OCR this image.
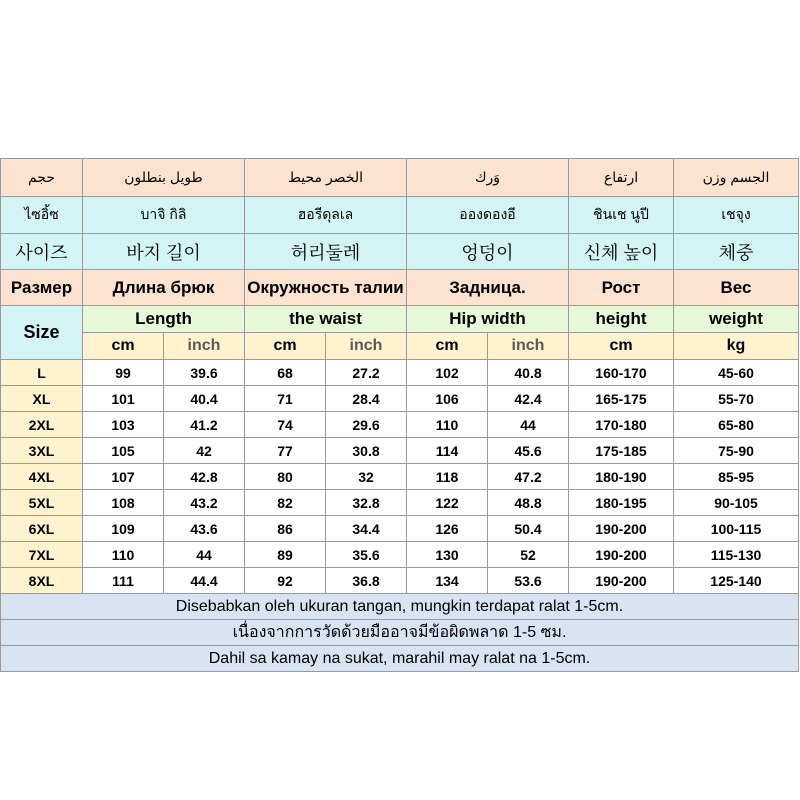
حجم	طويل بنطلون		الخصر محيط		وَرك		ارتفاع	الجسم وزن
ไซอิ้ซ	บาจิ กิลิ		ฮอรีดุลเล		อองดองอี		ชินเช นูปี	เชจุง
사이즈	바지 길이		허리둘레		엉덩이		신체 높이	체중
Размер	Длина брюк		Окружность талии		Задница.		Рост	Вес
Size	Length		the waist		Hip width		height	weight
	cm	inch	cm	inch	cm	inch	cm	kg
L	99	39.6	68	27.2	102	40.8	160-170	45-60
XL	101	40.4	71	28.4	106	42.4	165-175	55-70
2XL	103	41.2	74	29.6	110	44	170-180	65-80
3XL	105	42	77	30.8	114	45.6	175-185	75-90
4XL	107	42.8	80	32	118	47.2	180-190	85-95
5XL	108	43.2	82	32.8	122	48.8	180-195	90-105
6XL	109	43.6	86	34.4	126	50.4	190-200	100-115
7XL	110	44	89	35.6	130	52	190-200	115-130
8XL	111	44.4	92	36.8	134	53.6	190-200	125-140
Disebabkan oleh ukuran tangan, mungkin terdapat ralat 1-5cm.								
เนื่องจากการวัดด้วยมืออาจมีข้อผิดพลาด 1-5 ซม.								
Dahil sa kamay na sukat, marahil may ralat na 1-5cm.								
